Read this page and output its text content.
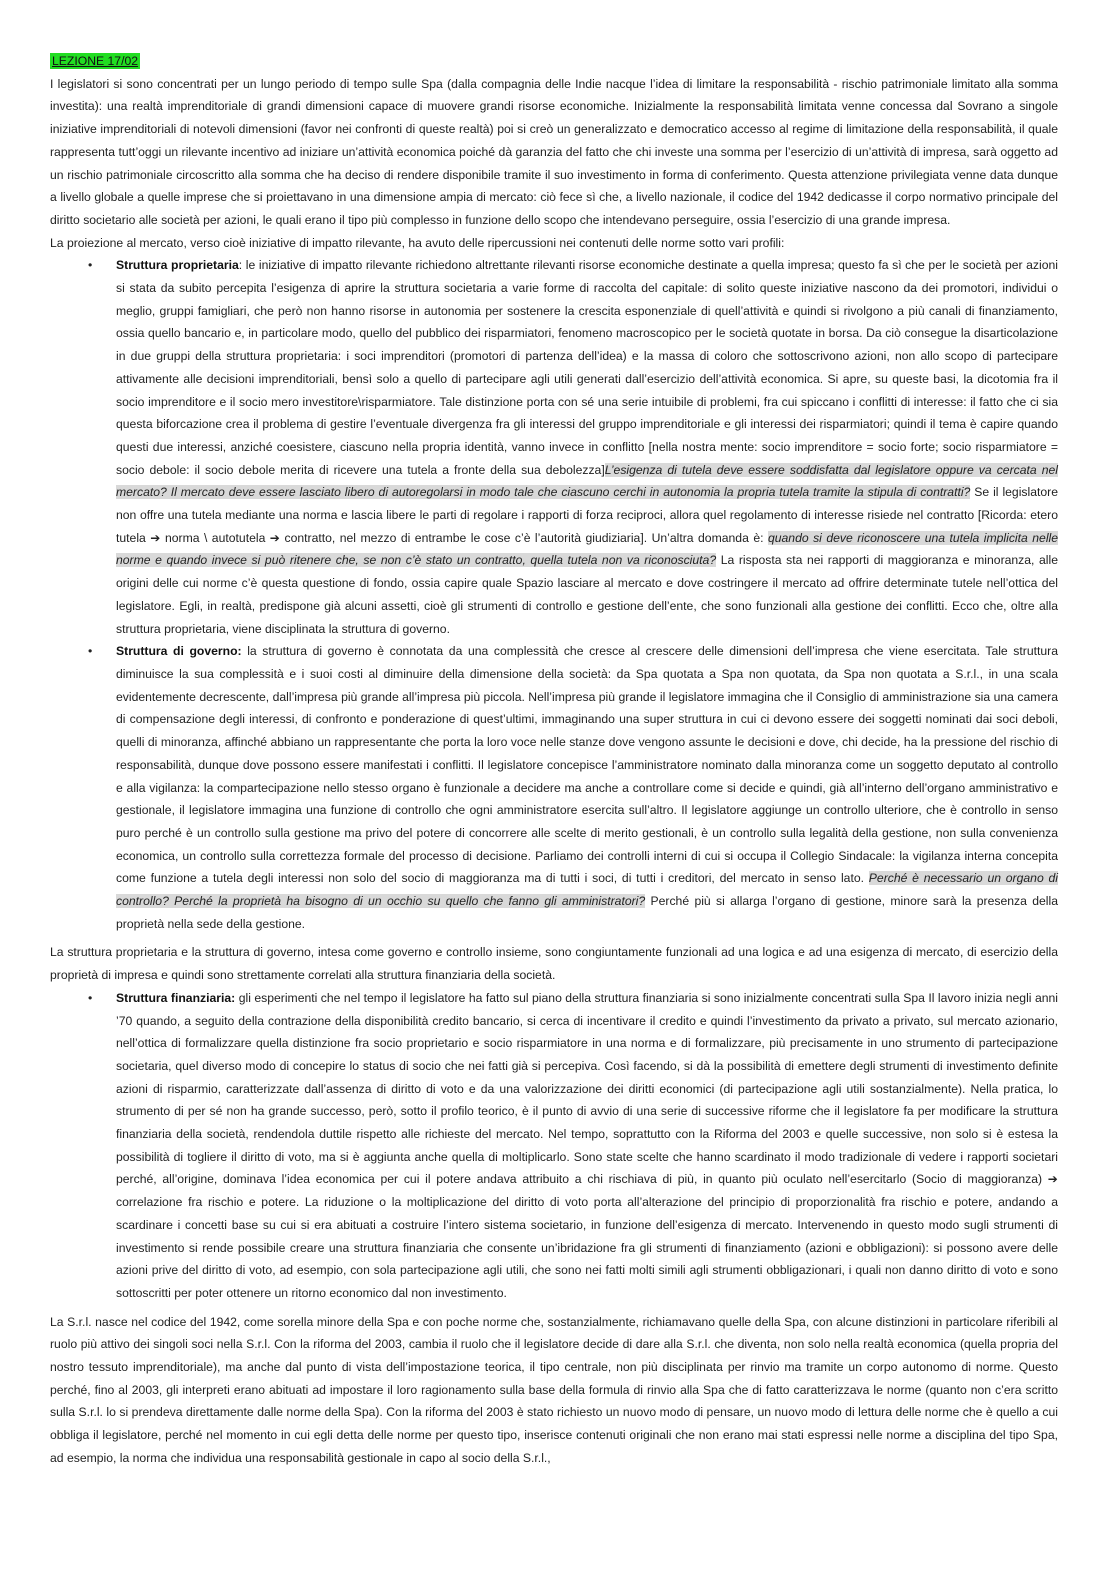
LEZIONE 17/02

I legislatori si sono concentrati per un lungo periodo di tempo sulle Spa (dalla compagnia delle Indie nacque l’idea di limitare la responsabilità - rischio patrimoniale limitato alla somma investita): una realtà imprenditoriale di grandi dimensioni capace di muovere grandi risorse economiche. Inizialmente la responsabilità limitata venne concessa dal Sovrano a singole iniziative imprenditoriali di notevoli dimensioni (favor nei confronti di queste realtà) poi si creò un generalizzato e democratico accesso al regime di limitazione della responsabilità, il quale rappresenta tutt’oggi un rilevante incentivo ad iniziare un’attività economica poiché dà garanzia del fatto che chi investe una somma per l’esercizio di un’attività di impresa, sarà oggetto ad un rischio patrimoniale circoscritto alla somma che ha deciso di rendere disponibile tramite il suo investimento in forma di conferimento. Questa attenzione privilegiata venne data dunque a livello globale a quelle imprese che si proiettavano in una dimensione ampia di mercato: ciò fece sì che, a livello nazionale, il codice del 1942 dedicasse il corpo normativo principale del diritto societario alle società per azioni, le quali erano il tipo più complesso in funzione dello scopo che intendevano perseguire, ossia l’esercizio di una grande impresa.

La proiezione al mercato, verso cioè iniziative di impatto rilevante, ha avuto delle ripercussioni nei contenuti delle norme sotto vari profili:

• Struttura proprietaria: le iniziative di impatto rilevante richiedono altrettante rilevanti risorse economiche destinate a quella impresa; questo fa sì che per le società per azioni si stata da subito percepita l’esigenza di aprire la struttura societaria a varie forme di raccolta del capitale: di solito queste iniziative nascono da dei promotori, individui o meglio, gruppi famigliari, che però non hanno risorse in autonomia per sostenere la crescita esponenziale di quell’attività e quindi si rivolgono a più canali di finanziamento, ossia quello bancario e, in particolare modo, quello del pubblico dei risparmiatori, fenomeno macroscopico per le società quotate in borsa. Da ciò consegue la disarticolazione in due gruppi della struttura proprietaria: i soci imprenditori (promotori di partenza dell’idea) e la massa di coloro che sottoscrivono azioni, non allo scopo di partecipare attivamente alle decisioni imprenditoriali, bensì solo a quello di partecipare agli utili generati dall’esercizio dell’attività economica. Si apre, su queste basi, la dicotomia fra il socio imprenditore e il socio mero investitore\risparmiatore. Tale distinzione porta con sé una serie intuibile di problemi, fra cui spiccano i conflitti di interesse: il fatto che ci sia questa biforcazione crea il problema di gestire l’eventuale divergenza fra gli interessi del gruppo imprenditoriale e gli interessi dei risparmiatori; quindi il tema è capire quando questi due interessi, anziché coesistere, ciascuno nella propria identità, vanno invece in conflitto [nella nostra mente: socio imprenditore = socio forte; socio risparmiatore = socio debole: il socio debole merita di ricevere una tutela a fronte della sua debolezza]L’esigenza di tutela deve essere soddisfatta dal legislatore oppure va cercata nel mercato? Il mercato deve essere lasciato libero di autoregolarsi in modo tale che ciascuno cerchi in autonomia la propria tutela tramite la stipula di contratti? Se il legislatore non offre una tutela mediante una norma e lascia libere le parti di regolare i rapporti di forza reciproci, allora quel regolamento di interesse risiede nel contratto [Ricorda: etero tutela ➔ norma \ autotutela ➔ contratto, nel mezzo di entrambe le cose c’è l’autorità giudiziaria]. Un’altra domanda è: quando si deve riconoscere una tutela implicita nelle norme e quando invece si può ritenere che, se non c’è stato un contratto, quella tutela non va riconosciuta? La risposta sta nei rapporti di maggioranza e minoranza, alle origini delle cui norme c’è questa questione di fondo, ossia capire quale Spazio lasciare al mercato e dove costringere il mercato ad offrire determinate tutele nell’ottica del legislatore. Egli, in realtà, predispone già alcuni assetti, cioè gli strumenti di controllo e gestione dell’ente, che sono funzionali alla gestione dei conflitti. Ecco che, oltre alla struttura proprietaria, viene disciplinata la struttura di governo.
• Struttura di governo: la struttura di governo è connotata da una complessità che cresce al crescere delle dimensioni dell’impresa che viene esercitata. Tale struttura diminuisce la sua complessità e i suoi costi al diminuire della dimensione della società: da Spa quotata a Spa non quotata, da Spa non quotata a S.r.l., in una scala evidentemente decrescente, dall’impresa più grande all’impresa più piccola. Nell’impresa più grande il legislatore immagina che il Consiglio di amministrazione sia una camera di compensazione degli interessi, di confronto e ponderazione di quest’ultimi, immaginando una super struttura in cui ci devono essere dei soggetti nominati dai soci deboli, quelli di minoranza, affinché abbiano un rappresentante che porta la loro voce nelle stanze dove vengono assunte le decisioni e dove, chi decide, ha la pressione del rischio di responsabilità, dunque dove possono essere manifestati i conflitti. Il legislatore concepisce l’amministratore nominato dalla minoranza come un soggetto deputato al controllo e alla vigilanza: la compartecipazione nello stesso organo è funzionale a decidere ma anche a controllare come si decide e quindi, già all’interno dell’organo amministrativo e gestionale, il legislatore immagina una funzione di controllo che ogni amministratore esercita sull’altro. Il legislatore aggiunge un controllo ulteriore, che è controllo in senso puro perché è un controllo sulla gestione ma privo del potere di concorrere alle scelte di merito gestionali, è un controllo sulla legalità della gestione, non sulla convenienza economica, un controllo sulla correttezza formale del processo di decisione. Parliamo dei controlli interni di cui si occupa il Collegio Sindacale: la vigilanza interna concepita come funzione a tutela degli interessi non solo del socio di maggioranza ma di tutti i soci, di tutti i creditori, del mercato in senso lato. Perché è necessario un organo di controllo? Perché la proprietà ha bisogno di un occhio su quello che fanno gli amministratori? Perché più si allarga l’organo di gestione, minore sarà la presenza della proprietà nella sede della gestione.

La struttura proprietaria e la struttura di governo, intesa come governo e controllo insieme, sono congiuntamente funzionali ad una logica e ad una esigenza di mercato, di esercizio della proprietà di impresa e quindi sono strettamente correlati alla struttura finanziaria della società.

• Struttura finanziaria: gli esperimenti che nel tempo il legislatore ha fatto sul piano della struttura finanziaria si sono inizialmente concentrati sulla Spa Il lavoro inizia negli anni ’70 quando, a seguito della contrazione della disponibilità credito bancario, si cerca di incentivare il credito e quindi l’investimento da privato a privato, sul mercato azionario, nell’ottica di formalizzare quella distinzione fra socio proprietario e socio risparmiatore in una norma e di formalizzare, più precisamente in uno strumento di partecipazione societaria, quel diverso modo di concepire lo status di socio che nei fatti già si percepiva. Così facendo, si dà la possibilità di emettere degli strumenti di investimento definite azioni di risparmio, caratterizzate dall’assenza di diritto di voto e da una valorizzazione dei diritti economici (di partecipazione agli utili sostanzialmente). Nella pratica, lo strumento di per sé non ha grande successo, però, sotto il profilo teorico, è il punto di avvio di una serie di successive riforme che il legislatore fa per modificare la struttura finanziaria della società, rendendola duttile rispetto alle richieste del mercato. Nel tempo, soprattutto con la Riforma del 2003 e quelle successive, non solo si è estesa la possibilità di togliere il diritto di voto, ma si è aggiunta anche quella di moltiplicarlo. Sono state scelte che hanno scardinato il modo tradizionale di vedere i rapporti societari perché, all’origine, dominava l’idea economica per cui il potere andava attribuito a chi rischiava di più, in quanto più oculato nell’esercitarlo (Socio di maggioranza) ➔ correlazione fra rischio e potere. La riduzione o la moltiplicazione del diritto di voto porta all’alterazione del principio di proporzionalità fra rischio e potere, andando a scardinare i concetti base su cui si era abituati a costruire l’intero sistema societario, in funzione dell’esigenza di mercato. Intervenendo in questo modo sugli strumenti di investimento si rende possibile creare una struttura finanziaria che consente un’ibridazione fra gli strumenti di finanziamento (azioni e obbligazioni): si possono avere delle azioni prive del diritto di voto, ad esempio, con sola partecipazione agli utili, che sono nei fatti molti simili agli strumenti obbligazionari, i quali non danno diritto di voto e sono sottoscritti per poter ottenere un ritorno economico dal non investimento.

La S.r.l. nasce nel codice del 1942, come sorella minore della Spa e con poche norme che, sostanzialmente, richiamavano quelle della Spa, con alcune distinzioni in particolare riferibili al ruolo più attivo dei singoli soci nella S.r.l. Con la riforma del 2003, cambia il ruolo che il legislatore decide di dare alla S.r.l. che diventa, non solo nella realtà economica (quella propria del nostro tessuto imprenditoriale), ma anche dal punto di vista dell’impostazione teorica, il tipo centrale, non più disciplinata per rinvio ma tramite un corpo autonomo di norme. Questo perché, fino al 2003, gli interpreti erano abituati ad impostare il loro ragionamento sulla base della formula di rinvio alla Spa che di fatto caratterizzava le norme (quanto non c’era scritto sulla S.r.l. lo si prendeva direttamente dalle norme della Spa). Con la riforma del 2003 è stato richiesto un nuovo modo di pensare, un nuovo modo di lettura delle norme che è quello a cui obbliga il legislatore, perché nel momento in cui egli detta delle norme per questo tipo, inserisce contenuti originali che non erano mai stati espressi nelle norme a disciplina del tipo Spa, ad esempio, la norma che individua una responsabilità gestionale in capo al socio della S.r.l.,
